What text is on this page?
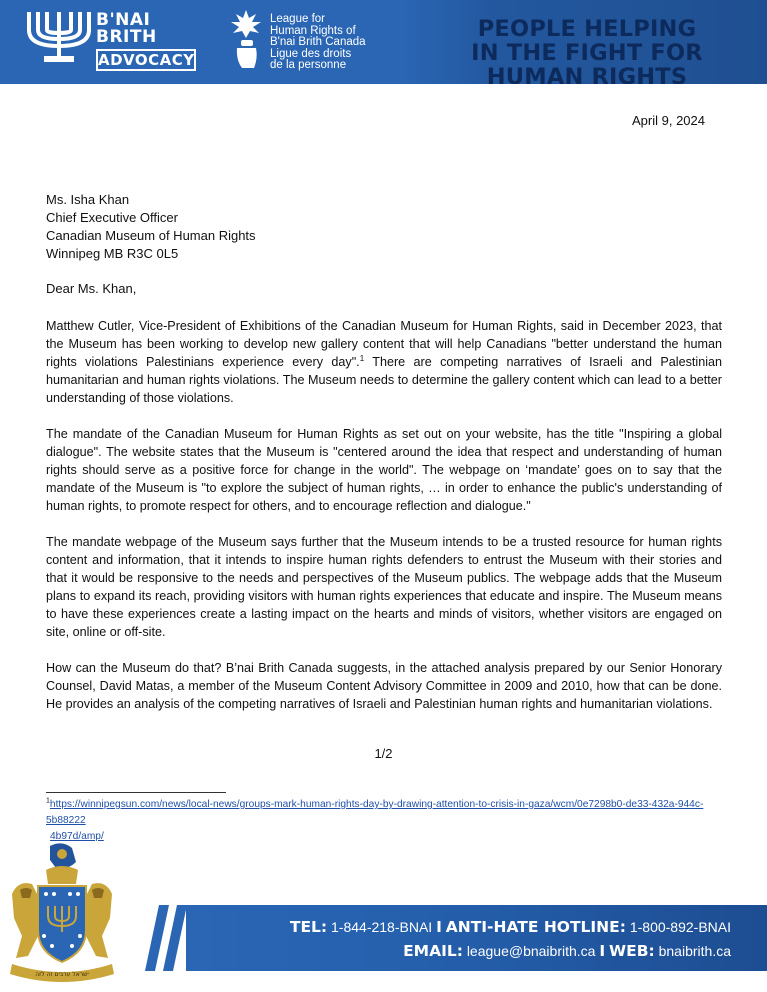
B'NAI
BRITH
ADVOCACY
League for
Human Rights of
B'nai Brith Canada
Ligue des droits
de la personne
PEOPLE HELPING
IN THE FIGHT FOR HUMAN RIGHTS
April 9, 2024
Ms. Isha Khan
Chief Executive Officer
Canadian Museum of Human Rights
Winnipeg MB R3C 0L5
Dear Ms. Khan,
Matthew Cutler, Vice-President of Exhibitions of the Canadian Museum for Human Rights, said in December 2023, that the Museum has been working to develop new gallery content that will help Canadians "better understand the human rights violations Palestinians experience every day".$^1$ There are competing narratives of Israeli and Palestinian humanitarian and human rights violations. The Museum needs to determine the gallery content which can lead to a better understanding of those violations.
The mandate of the Canadian Museum for Human Rights as set out on your website, has the title "Inspiring a global dialogue". The website states that the Museum is "centered around the idea that respect and understanding of human rights should serve as a positive force for change in the world". The webpage on ‘mandate’ goes on to say that the mandate of the Museum is "to explore the subject of human rights, … in order to enhance the public's understanding of human rights, to promote respect for others, and to encourage reflection and dialogue."
The mandate webpage of the Museum says further that the Museum intends to be a trusted resource for human rights content and information, that it intends to inspire human rights defenders to entrust the Museum with their stories and that it would be responsive to the needs and perspectives of the Museum publics. The webpage adds that the Museum plans to expand its reach, providing visitors with human rights experiences that educate and inspire. The Museum means to have these experiences create a lasting impact on the hearts and minds of visitors, whether visitors are engaged on site, online or off-site.
How can the Museum do that? B’nai Brith Canada suggests, in the attached analysis prepared by our Senior Honorary Counsel, David Matas, a member of the Museum Content Advisory Committee in 2009 and 2010, how that can be done. He provides an analysis of the competing narratives of Israeli and Palestinian human rights and humanitarian violations.
1/2
$^1$https://winnipegsun.com/news/local-news/groups-mark-human-rights-day-by-drawing-attention-to-crisis-in-gaza/wcm/0e7298b0-de33-432a-944c-5b88222
4b97d/amp/
ישראל ערבים זה לזה
TEL: 1-844-218-BNAI I ANTI-HATE HOTLINE: 1-800-892-BNAI
EMAIL: league@bnaibrith.ca I WEB: bnaibrith.ca
